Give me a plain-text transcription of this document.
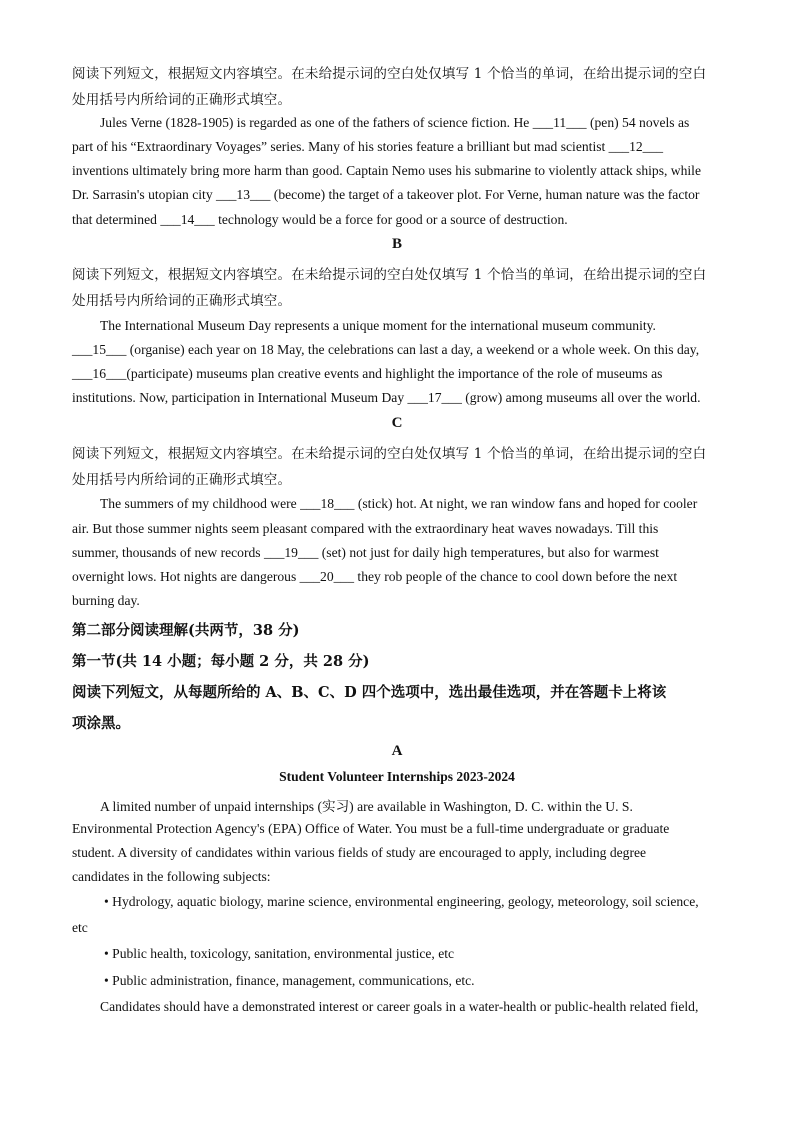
阅读下列短文，根据短文内容填空。在未给提示词的空白处仅填写 1 个恰当的单词，在给出提示词的空白
处用括号内所给词的正确形式填空。
Jules Verne (1828-1905) is regarded as one of the fathers of science fiction. He ___11___ (pen) 54 novels as
part of his “Extraordinary Voyages” series. Many of his stories feature a brilliant but mad scientist ___12___
inventions ultimately bring more harm than good. Captain Nemo uses his submarine to violently attack ships, while
Dr. Sarrasin's utopian city ___13___ (become) the target of a takeover plot. For Verne, human nature was the factor
that determined ___14___ technology would be a force for good or a source of destruction.
B
阅读下列短文，根据短文内容填空。在未给提示词的空白处仅填写 1 个恰当的单词，在给出提示词的空白
处用括号内所给词的正确形式填空。
The International Museum Day represents a unique moment for the international museum community.
___15___ (organise) each year on 18 May, the celebrations can last a day, a weekend or a whole week. On this day,
___16___(participate) museums plan creative events and highlight the importance of the role of museums as
institutions. Now, participation in International Museum Day ___17___ (grow) among museums all over the world.
C
阅读下列短文，根据短文内容填空。在未给提示词的空白处仅填写 1 个恰当的单词，在给出提示词的空白
处用括号内所给词的正确形式填空。
The summers of my childhood were ___18___ (stick) hot. At night, we ran window fans and hoped for cooler
air. But those summer nights seem pleasant compared with the extraordinary heat waves nowadays. Till this
summer, thousands of new records ___19___ (set) not just for daily high temperatures, but also for warmest
overnight lows. Hot nights are dangerous ___20___ they rob people of the chance to cool down before the next
burning day.
第二部分阅读理解(共两节，38 分)
第一节(共 14 小题；每小题 2 分，共 28 分)
阅读下列短文，从每题所给的 A、B、C、D 四个选项中，选出最佳选项，并在答题卡上将该
项涂黑。
A
Student Volunteer Internships 2023-2024
A limited number of unpaid internships (实习) are available in Washington, D. C. within the U. S.
Environmental Protection Agency's (EPA) Office of Water. You must be a full-time undergraduate or graduate
student. A diversity of candidates within various fields of study are encouraged to apply, including degree
candidates in the following subjects:
• Hydrology, aquatic biology, marine science, environmental engineering, geology, meteorology, soil science,
etc
• Public health, toxicology, sanitation, environmental justice, etc
• Public administration, finance, management, communications, etc.
Candidates should have a demonstrated interest or career goals in a water-health or public-health related field,
